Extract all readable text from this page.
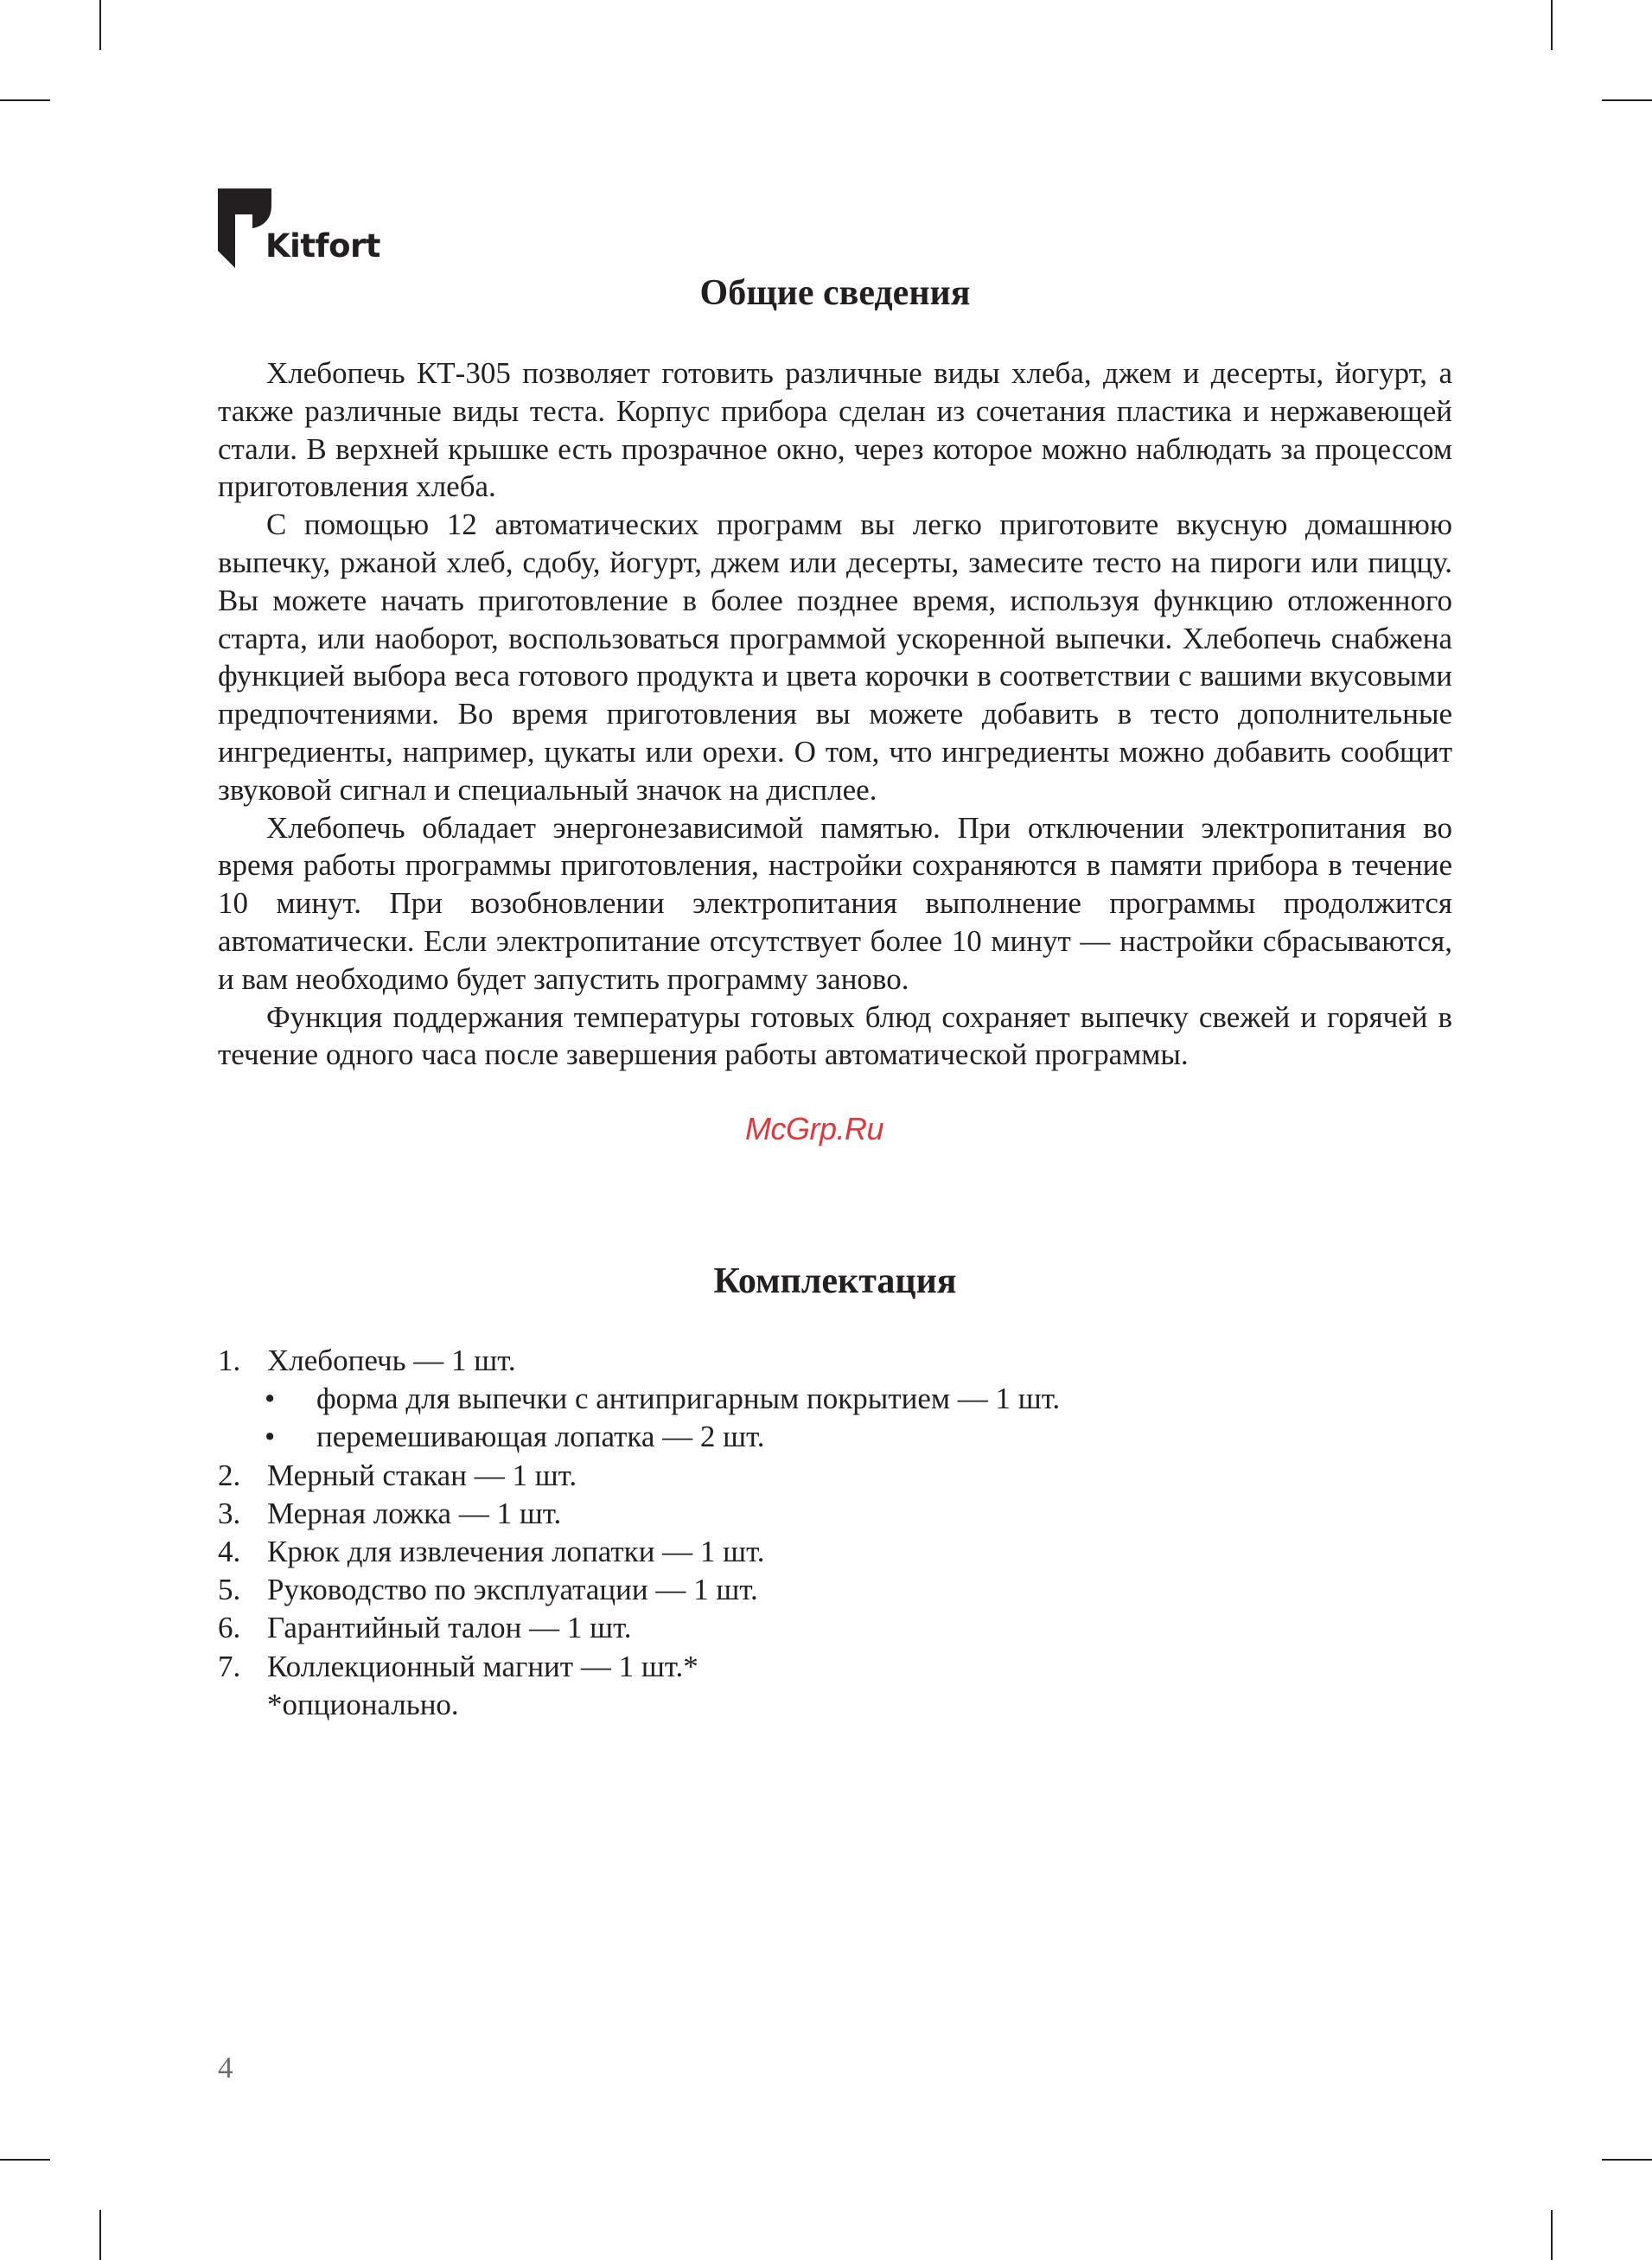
Kitfort
Общие сведения

Хлебопечь КТ-305 позволяет готовить различные виды хлеба, джем и десерты, йогурт, а также различные виды теста. Корпус прибора сделан из сочетания пластика и нержавеющей стали. В верхней крышке есть прозрачное окно, через которое можно наблюдать за процессом приготовления хлеба.

С помощью 12 автоматических программ вы легко приготовите вкусную домашнюю выпечку, ржаной хлеб, сдобу, йогурт, джем или десерты, замесите тесто на пироги или пиццу. Вы можете начать приготовление в более позднее время, используя функцию отложенного старта, или наоборот, воспользоваться программой ускоренной выпечки. Хлебопечь снабжена функцией выбора веса готового продукта и цвета корочки в соответствии с вашими вкусовыми предпочтениями. Во время приготовления вы можете добавить в тесто дополнительные ингредиенты, например, цукаты или орехи. О том, что ингредиенты можно добавить сообщит звуковой сигнал и специальный значок на дисплее.

Хлебопечь обладает энергонезависимой памятью. При отключении электропитания во время работы программы приготовления, настройки сохраняются в памяти прибора в течение 10 минут. При возобновлении электропитания выполнение программы продолжится автоматически. Если электропитание отсутствует более 10 минут — настройки сбрасываются, и вам необходимо будет запустить программу заново.

Функция поддержания температуры готовых блюд сохраняет выпечку свежей и горячей в течение одного часа после завершения работы автоматической программы.

McGrp.Ru
Комплектация
1. Хлебопечь — 1 шт.
• форма для выпечки с антипригарным покрытием — 1 шт.
• перемешивающая лопатка — 2 шт.
2. Мерный стакан — 1 шт.
3. Мерная ложка — 1 шт.
4. Крюк для извлечения лопатки — 1 шт.
5. Руководство по эксплуатации — 1 шт.
6. Гарантийный талон — 1 шт.
7. Коллекционный магнит — 1 шт.*
*опционально.
4
